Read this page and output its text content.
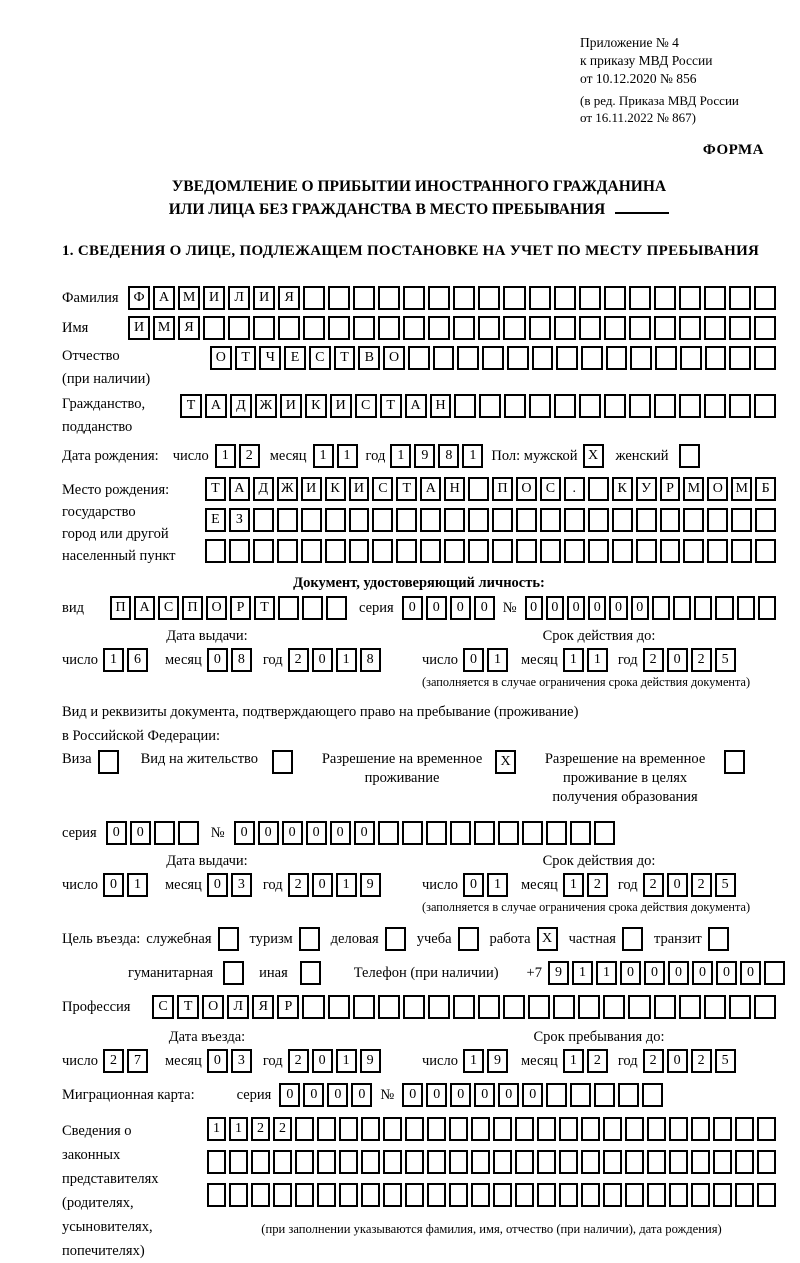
Приложение № 4
к приказу МВД России
от 10.12.2020 № 856
(в ред. Приказа МВД России
от 16.11.2022 № 867)
ФОРМА
УВЕДОМЛЕНИЕ О ПРИБЫТИИ ИНОСТРАННОГО ГРАЖДАНИНА
ИЛИ ЛИЦА БЕЗ ГРАЖДАНСТВА В МЕСТО ПРЕБЫВАНИЯ
1. СВЕДЕНИЯ О ЛИЦЕ, ПОДЛЕЖАЩЕМ ПОСТАНОВКЕ НА УЧЕТ ПО МЕСТУ ПРЕБЫВАНИЯ
Фамилия	Ф	А М И	Л	И	Я
Имя	И М	Я
Отчество
(при наличии)
О	Т	Ч	Е	С	Т	В	О
Гражданство,
подданство
Т	А	Д Ж И	К	И	С	Т	А	Н
Дата рождения: число 1	2	месяц 1	1	год 1	9	8	1	Пол: мужской X	женский
Место рождения:
государство
город или другой
населенный пункт
Т	А	Д Ж И	К	И	С	Т	А Н	П О	С	.	К	У	Р М О М Б
Е	З
Документ, удостоверяющий личность:
вид	П А	С	П О	Р	Т	серия	0	0	0	0	№ 0	0	0	0	0	0
Дата выдачи:
число 1	6	месяц 0	8	год 2	0	1	8
Срок действия до:
число 0	1	месяц 1	1	год 2	0	2	5
(заполняется в случае ограничения срока действия документа)
Вид и реквизиты документа, подтверждающего право на пребывание (проживание)
в Российской Федерации:
Виза	Вид на жительство	Разрешение на временное проживание
X	Разрешение на временное проживание в целях получения образования
серия	0	0	№	0	0	0	0	0	0
Дата выдачи:
число 0	1	месяц 0	3	год 2	0	1	9
Срок действия до:
число 0	1	месяц 1	2	год 2	0	2	5
(заполняется в случае ограничения срока действия документа)
Цель въезда: служебная	туризм	деловая	учеба	работа X	частная	транзит
гуманитарная	иная	Телефон (при наличии) +7 9	1	1	0	0	0	0	0	0
Профессия	С	Т	О	Л	Я	Р
Дата въезда:
число 2	7	месяц 0	3	год 2	0	1	9
Срок пребывания до:
число 1	9	месяц 1	2	год 2	0	2	5
Миграционная карта:	серия	0	0	0	0	№	0	0	0	0	0	0
Сведения о
законных
представителях
(родителях,
усыновителях,
попечителях)
1	1	2	2
(при заполнении указываются фамилия, имя, отчество (при наличии), дата рождения)
